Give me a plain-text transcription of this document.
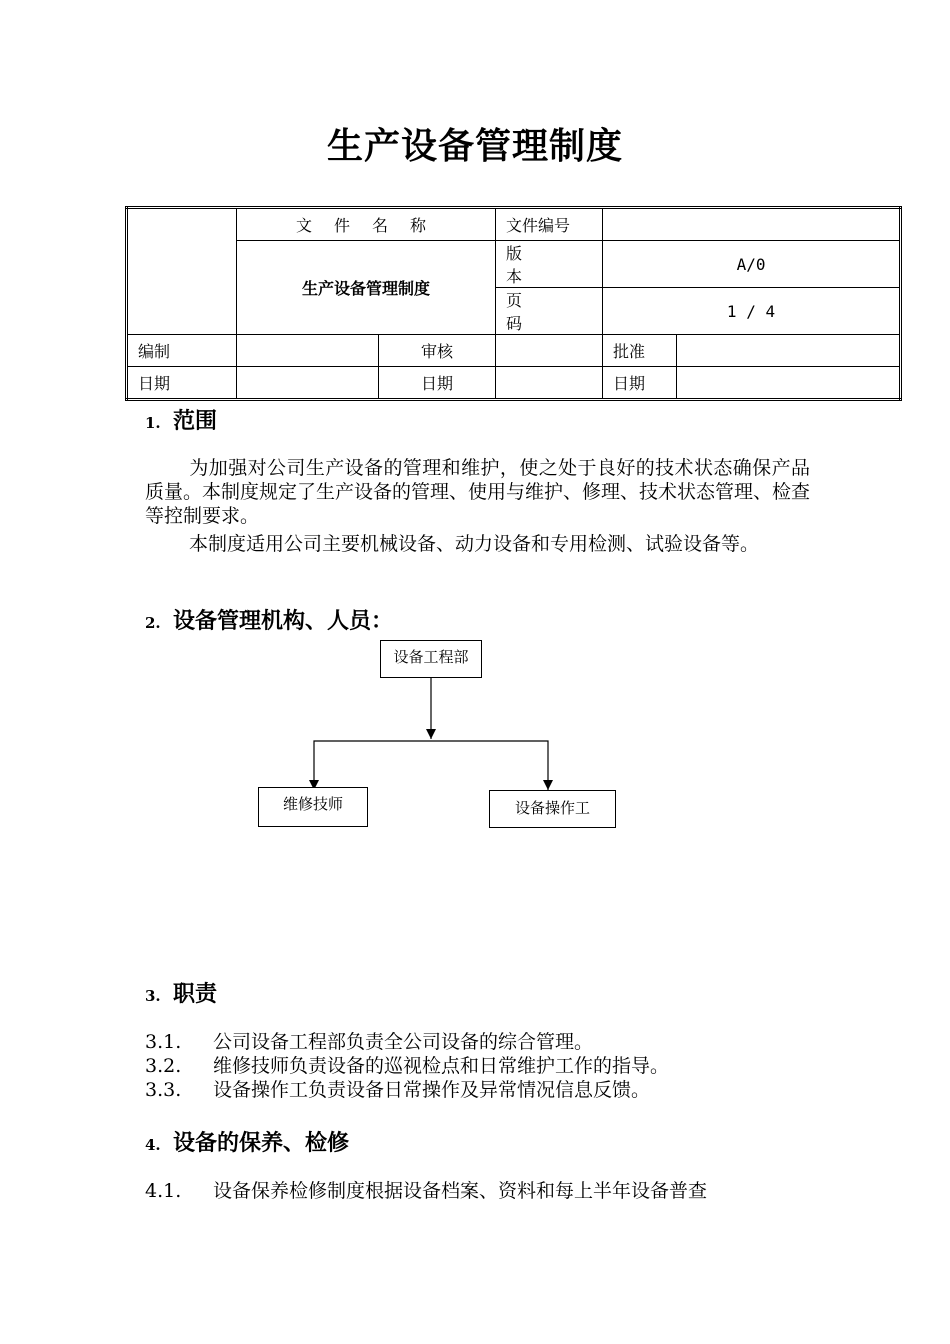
生产设备管理制度
	文件名称		文件编号		
	生产设备管理制度		版本	A/0	
			页码	1 / 4	
编制		审核		批准	
日期		日期		日期	
1. 范围
为加强对公司生产设备的管理和维护，使之处于良好的技术状态确保产品质量。本制度规定了生产设备的管理、使用与维护、修理、技术状态管理、检查等控制要求。
本制度适用公司主要机械设备、动力设备和专用检测、试验设备等。
2. 设备管理机构、人员：
设备工程部
维修技师	设备操作工
3. 职责
3.1. 公司设备工程部负责全公司设备的综合管理。
3.2. 维修技师负责设备的巡视检点和日常维护工作的指导。
3.3. 设备操作工负责设备日常操作及异常情况信息反馈。
4. 设备的保养、检修
4.1. 设备保养检修制度根据设备档案、资料和每上半年设备普查
